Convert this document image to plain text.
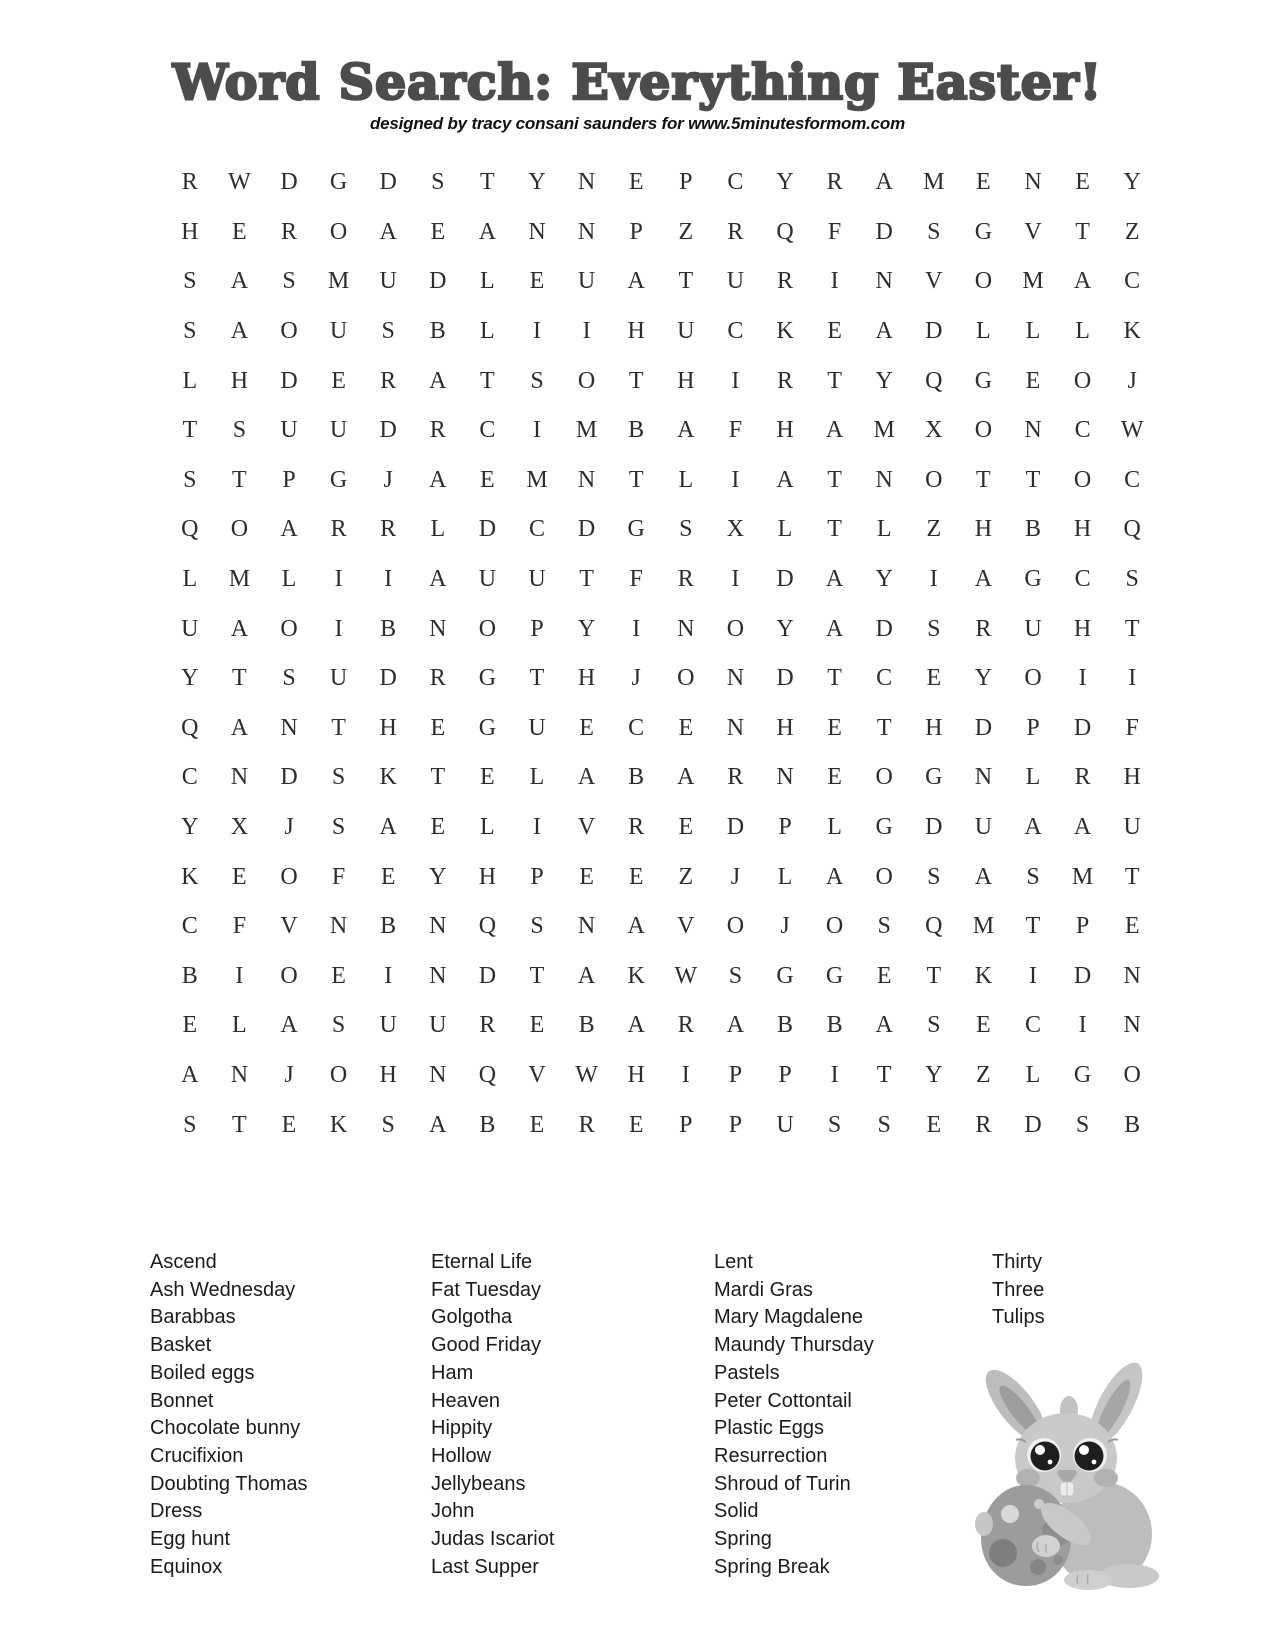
Word Search: Everything Easter!
designed by tracy consani saunders for www.5minutesformom.com
R	W	D	G	D	S	T	Y	N	E	P	C	Y	R	A	M	E	N	E	Y
H	E	R	O	A	E	A	N	N	P	Z	R	Q	F	D	S	G	V	T	Z
S	A	S	M	U	D	L	E	U	A	T	U	R	I	N	V	O	M	A	C
S	A	O	U	S	B	L	I	I	H	U	C	K	E	A	D	L	L	L	K
L	H	D	E	R	A	T	S	O	T	H	I	R	T	Y	Q	G	E	O	J
T	S	U	U	D	R	C	I	M	B	A	F	H	A	M	X	O	N	C	W
S	T	P	G	J	A	E	M	N	T	L	I	A	T	N	O	T	T	O	C
Q	O	A	R	R	L	D	C	D	G	S	X	L	T	L	Z	H	B	H	Q
L	M	L	I	I	A	U	U	T	F	R	I	D	A	Y	I	A	G	C	S
U	A	O	I	B	N	O	P	Y	I	N	O	Y	A	D	S	R	U	H	T
Y	T	S	U	D	R	G	T	H	J	O	N	D	T	C	E	Y	O	I	I
Q	A	N	T	H	E	G	U	E	C	E	N	H	E	T	H	D	P	D	F
C	N	D	S	K	T	E	L	A	B	A	R	N	E	O	G	N	L	R	H
Y	X	J	S	A	E	L	I	V	R	E	D	P	L	G	D	U	A	A	U
K	E	O	F	E	Y	H	P	E	E	Z	J	L	A	O	S	A	S	M	T
C	F	V	N	B	N	Q	S	N	A	V	O	J	O	S	Q	M	T	P	E
B	I	O	E	I	N	D	T	A	K	W	S	G	G	E	T	K	I	D	N
E	L	A	S	U	U	R	E	B	A	R	A	B	B	A	S	E	C	I	N
A	N	J	O	H	N	Q	V	W	H	I	P	P	I	T	Y	Z	L	G	O
S	T	E	K	S	A	B	E	R	E	P	P	U	S	S	E	R	D	S	B
Ascend
Ash Wednesday
Barabbas
Basket
Boiled eggs
Bonnet
Chocolate bunny
Crucifixion
Doubting Thomas
Dress
Egg hunt
Equinox
Eternal Life
Fat Tuesday
Golgotha
Good Friday
Ham
Heaven
Hippity
Hollow
Jellybeans
John
Judas Iscariot
Last Supper
Lent
Mardi Gras
Mary Magdalene
Maundy Thursday
Pastels
Peter Cottontail
Plastic Eggs
Resurrection
Shroud of Turin
Solid
Spring
Spring Break
Thirty
Three
Tulips
